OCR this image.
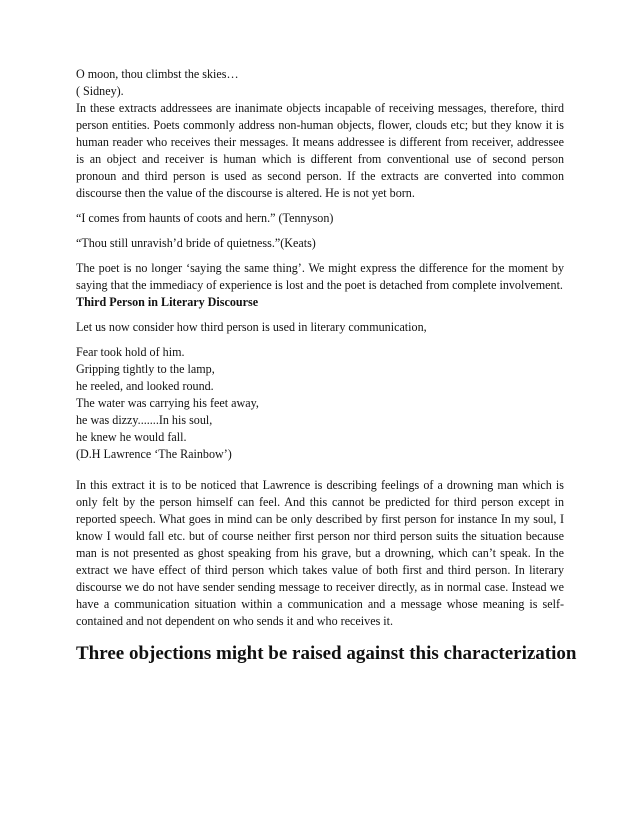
O moon, thou climbst the skies…
( Sidney).

In these extracts addressees are inanimate objects incapable of receiving messages, therefore, third person entities. Poets commonly address non-human objects, flower, clouds etc; but they know it is human reader who receives their messages. It means addressee is different from receiver, addressee is an object and receiver is human which is different from conventional use of second person pronoun and third person is used as second person. If the extracts are converted into common discourse then the value of the discourse is altered. He is not yet born.

“I comes from haunts of coots and hern.” (Tennyson)

“Thou still unravish’d bride of quietness.”(Keats)

The poet is no longer ‘saying the same thing’. We might express the difference for the moment by saying that the immediacy of experience is lost and the poet is detached from complete involvement.

Third Person in Literary Discourse

Let us now consider how third person is used in literary communication,

Fear took hold of him.
Gripping tightly to the lamp,
he reeled, and looked round.
The water was carrying his feet away,
he was dizzy.......In his soul,
he knew he would fall.
(D.H Lawrence ‘The Rainbow’)

In this extract it is to be noticed that Lawrence is describing feelings of a drowning man which is only felt by the person himself can feel. And this cannot be predicted for third person except in reported speech. What goes in mind can be only described by first person for instance In my soul, I know I would fall etc. but of course neither first person nor third person suits the situation because man is not presented as ghost speaking from his grave, but a drowning, which can’t speak. In the extract we have effect of third person which takes value of both first and third person. In literary discourse we do not have sender sending message to receiver directly, as in normal case. Instead we have a communication situation within a communication and a message whose meaning is self-contained and not dependent on who sends it and who receives it.

Three objections might be raised against this characterization
